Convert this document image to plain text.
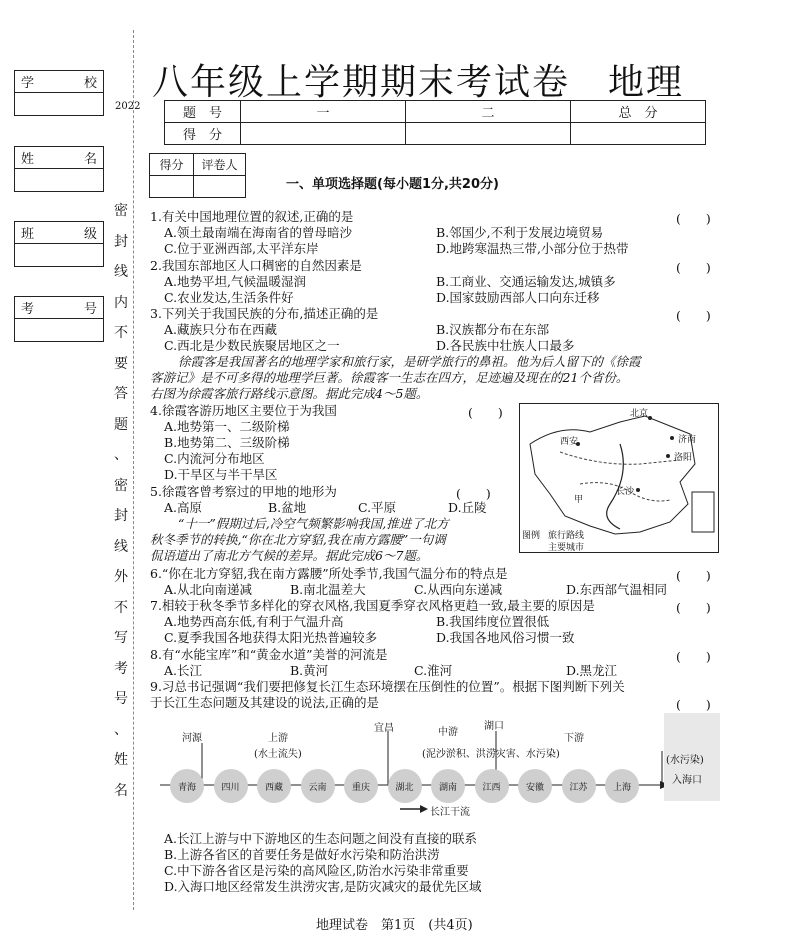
学	校
姓	名
班	级
考	号
2022
密
封
线
内
不
要
答
题
、
密
封
线
外
不
写
考
号
、
姓
名
八年级上学期期末考试卷　地理
题　号	一	二	总　分
得　分			
得分	评卷人

一、单项选择题(每小题1分,共20分)
1.有关中国地理位置的叙述,正确的是	(　　)
A.领土最南端在海南省的曾母暗沙	B.邻国少,不利于发展边境贸易
C.位于亚洲西部,太平洋东岸	D.地跨寒温热三带,小部分位于热带
2.我国东部地区人口稠密的自然因素是	(　　)
A.地势平坦,气候温暖湿润	B.工商业、交通运输发达,城镇多
C.农业发达,生活条件好	D.国家鼓励西部人口向东迁移
3.下列关于我国民族的分布,描述正确的是	(　　)
A.藏族只分布在西藏	B.汉族都分布在东部
C.西北是少数民族聚居地区之一	D.各民族中壮族人口最多
徐霞客是我国著名的地理学家和旅行家，是研学旅行的鼻祖。他为后人留下的《徐霞
客游记》是不可多得的地理学巨著。徐霞客一生志在四方，足迹遍及现在的21个省份。
右图为徐霞客旅行路线示意图。据此完成4～5题。
4.徐霞客游历地区主要位于为我国	(　　)
A.地势第一、二级阶梯
B.地势第二、三级阶梯
C.内流河分布地区
D.干旱区与半干旱区
5.徐霞客曾考察过的甲地的地形为	(　　)
A.高原	B.盆地	C.平原	D.丘陵
“十一”假期过后,冷空气频繁影响我国,推进了北方
秋冬季节的转换,“你在北方穿貂,我在南方露腰”一句调
侃语道出了南北方气候的差异。据此完成6～7题。
北京
西安	济南
洛阳
长沙
甲
图例 旅行路线
主要城市
6.“你在北方穿貂,我在南方露腰”所处季节,我国气温分布的特点是	(　　)
A.从北向南递减	B.南北温差大	C.从西向东递减	D.东西部气温相同
7.相较于秋冬季节多样化的穿衣风格,我国夏季穿衣风格更趋一致,最主要的原因是	(　　)
A.地势西高东低,有利于气温升高	B.我国纬度位置很低
C.夏季我国各地获得太阳光热普遍较多	D.我国各地风俗习惯一致
8.有“水能宝库”和“黄金水道”美誉的河流是	(　　)
A.长江	B.黄河	C.淮河	D.黑龙江
9.习总书记强调“我们要把修复长江生态环境摆在压倒性的位置”。根据下图判断下列关
于长江生态问题及其建设的说法,正确的是	(　　)
河源	上游
(水土流失)
宜昌	中游
湖口
下游
(泥沙淤积、洪涝灾害、水污染)
(水污染)
青海	四川	西藏	云南	重庆	湖北	湖南	江西	安徽	江苏	上海
入海口
长江干流
A.长江上游与中下游地区的生态问题之间没有直接的联系
B.上游各省区的首要任务是做好水污染和防治洪涝
C.中下游各省区是污染的高风险区,防治水污染非常重要
D.入海口地区经常发生洪涝灾害,是防灾减灾的最优先区域
地理试卷　第1页　(共4页)
